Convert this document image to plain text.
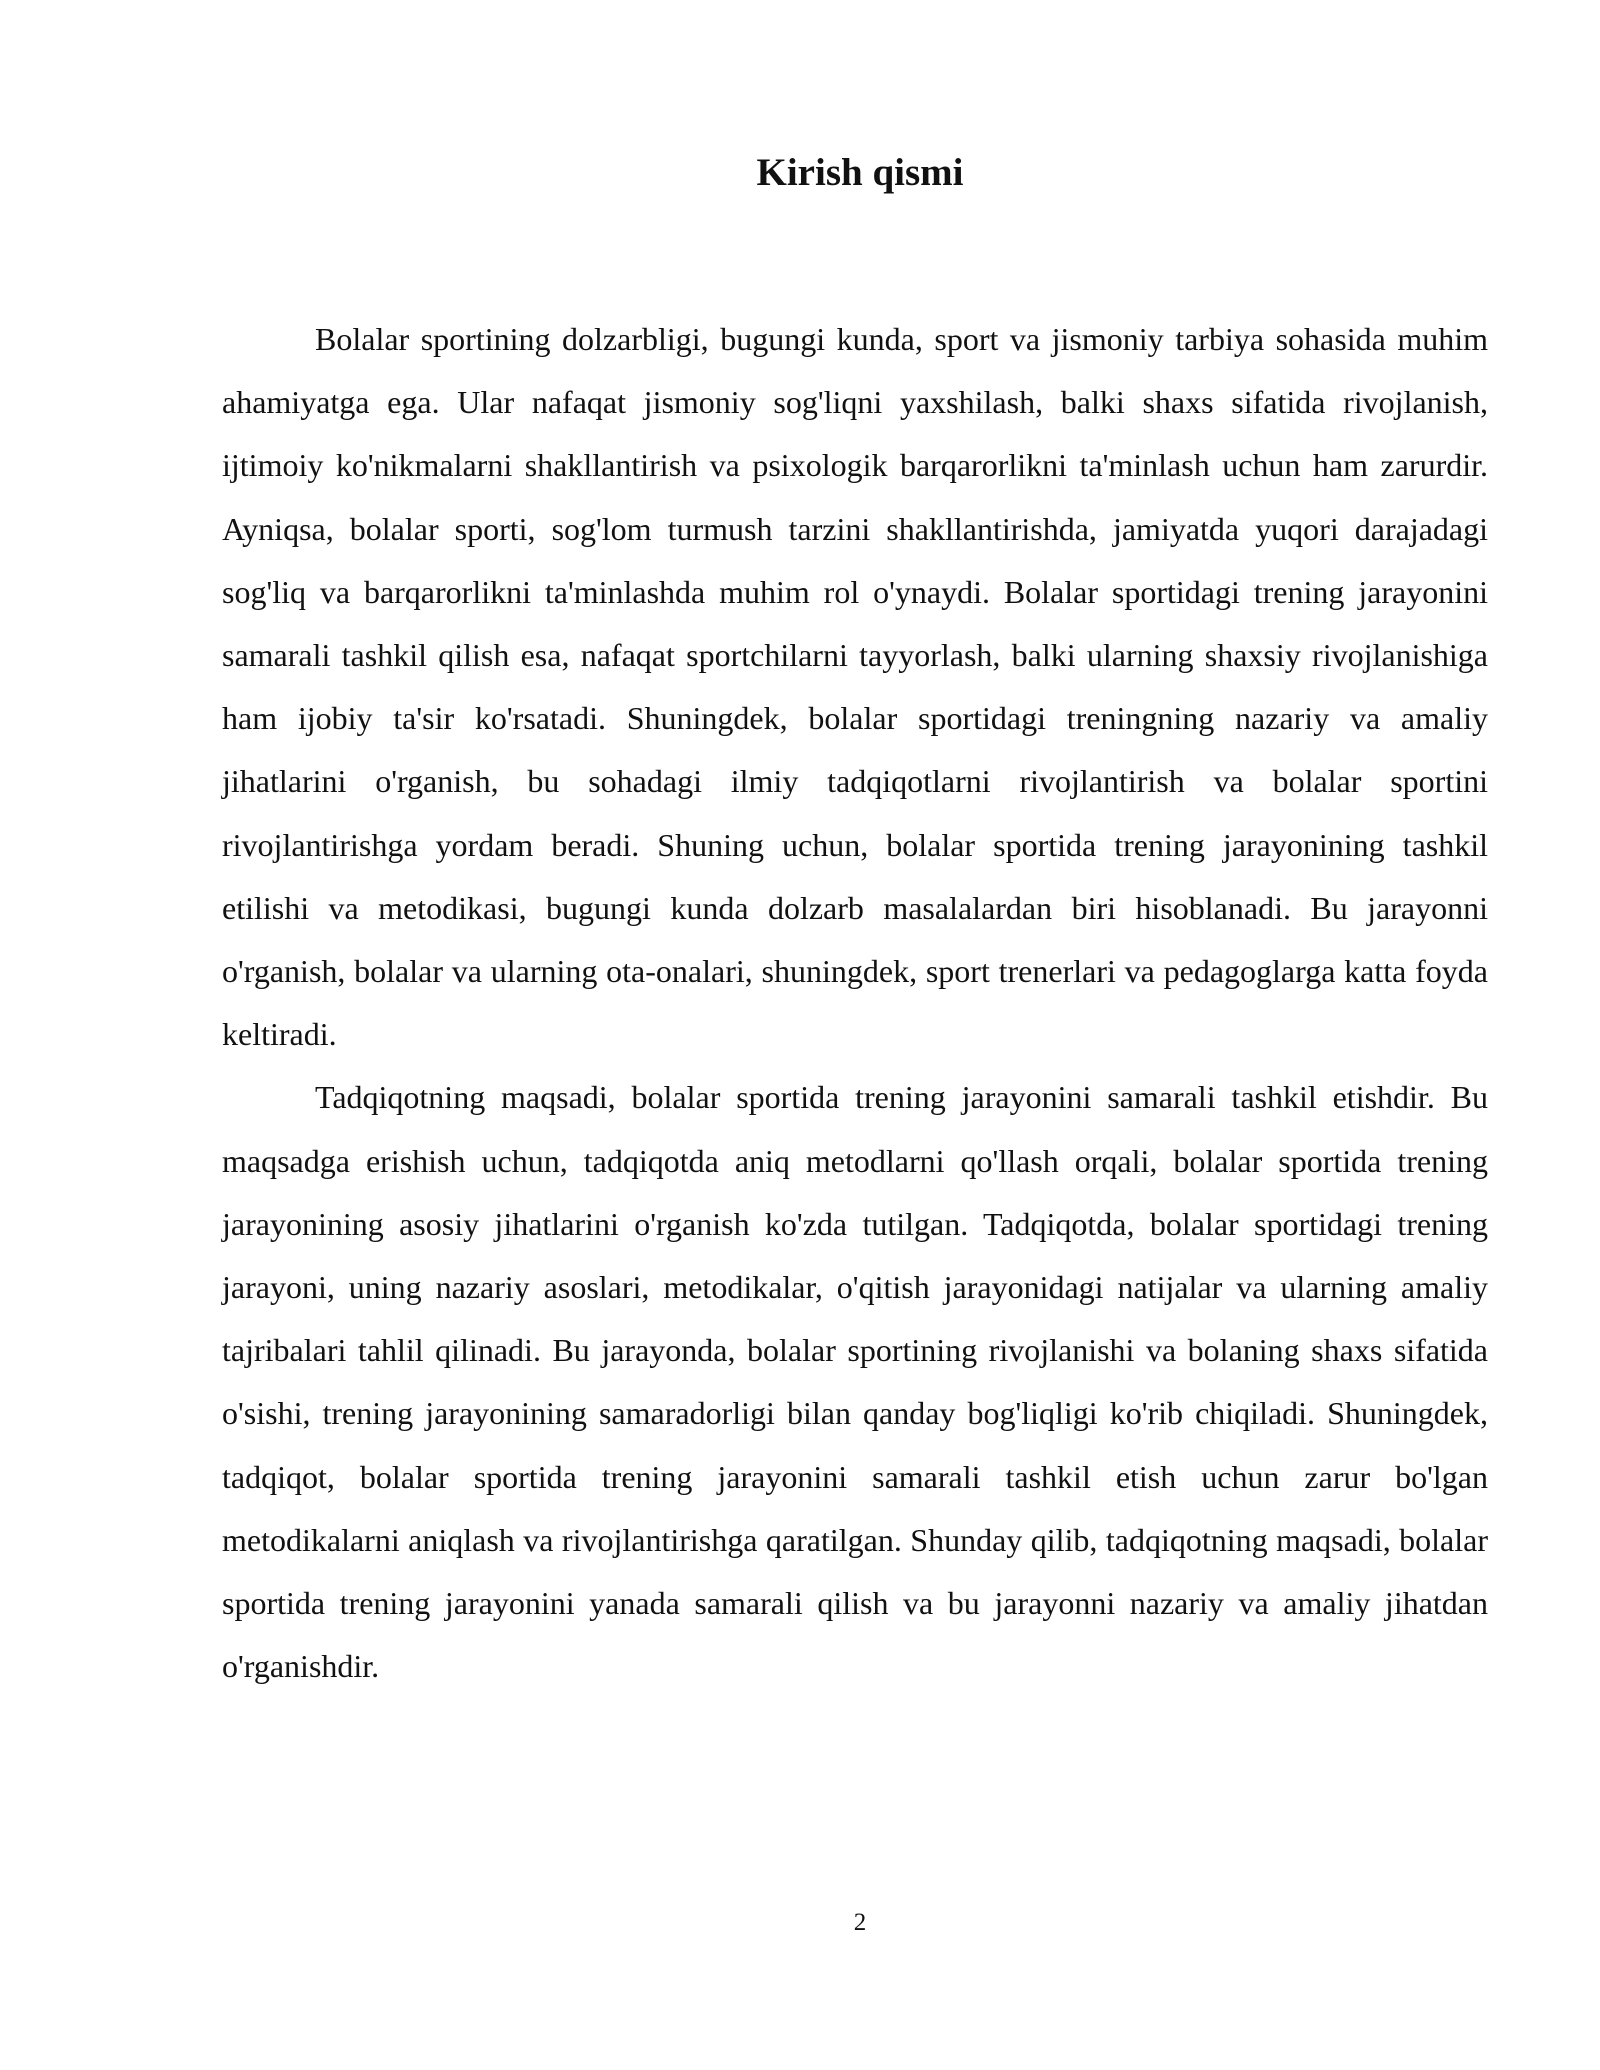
Kirish qismi

Bolalar sportining dolzarbligi, bugungi kunda, sport va jismoniy tarbiya sohasida muhim ahamiyatga ega. Ular nafaqat jismoniy sog'liqni yaxshilash, balki shaxs sifatida rivojlanish, ijtimoiy ko'nikmalarni shakllantirish va psixologik barqarorlikni ta'minlash uchun ham zarurdir. Ayniqsa, bolalar sporti, sog'lom turmush tarzini shakllantirishda, jamiyatda yuqori darajadagi sog'liq va barqarorlikni ta'minlashda muhim rol o'ynaydi. Bolalar sportidagi trening jarayonini samarali tashkil qilish esa, nafaqat sportchilarni tayyorlash, balki ularning shaxsiy rivojlanishiga ham ijobiy ta'sir ko'rsatadi. Shuningdek, bolalar sportidagi treningning nazariy va amaliy jihatlarini o'rganish, bu sohadagi ilmiy tadqiqotlarni rivojlantirish va bolalar sportini rivojlantirishga yordam beradi. Shuning uchun, bolalar sportida trening jarayonining tashkil etilishi va metodikasi, bugungi kunda dolzarb masalalardan biri hisoblanadi. Bu jarayonni o'rganish, bolalar va ularning ota-onalari, shuningdek, sport trenerlari va pedagoglarga katta foyda keltiradi.

Tadqiqotning maqsadi, bolalar sportida trening jarayonini samarali tashkil etishdir. Bu maqsadga erishish uchun, tadqiqotda aniq metodlarni qo'llash orqali, bolalar sportida trening jarayonining asosiy jihatlarini o'rganish ko'zda tutilgan. Tadqiqotda, bolalar sportidagi trening jarayoni, uning nazariy asoslari, metodikalar, o'qitish jarayonidagi natijalar va ularning amaliy tajribalari tahlil qilinadi. Bu jarayonda, bolalar sportining rivojlanishi va bolaning shaxs sifatida o'sishi, trening jarayonining samaradorligi bilan qanday bog'liqligi ko'rib chiqiladi. Shuningdek, tadqiqot, bolalar sportida trening jarayonini samarali tashkil etish uchun zarur bo'lgan metodikalarni aniqlash va rivojlantirishga qaratilgan. Shunday qilib, tadqiqotning maqsadi, bolalar sportida trening jarayonini yanada samarali qilish va bu jarayonni nazariy va amaliy jihatdan o'rganishdir.

2
